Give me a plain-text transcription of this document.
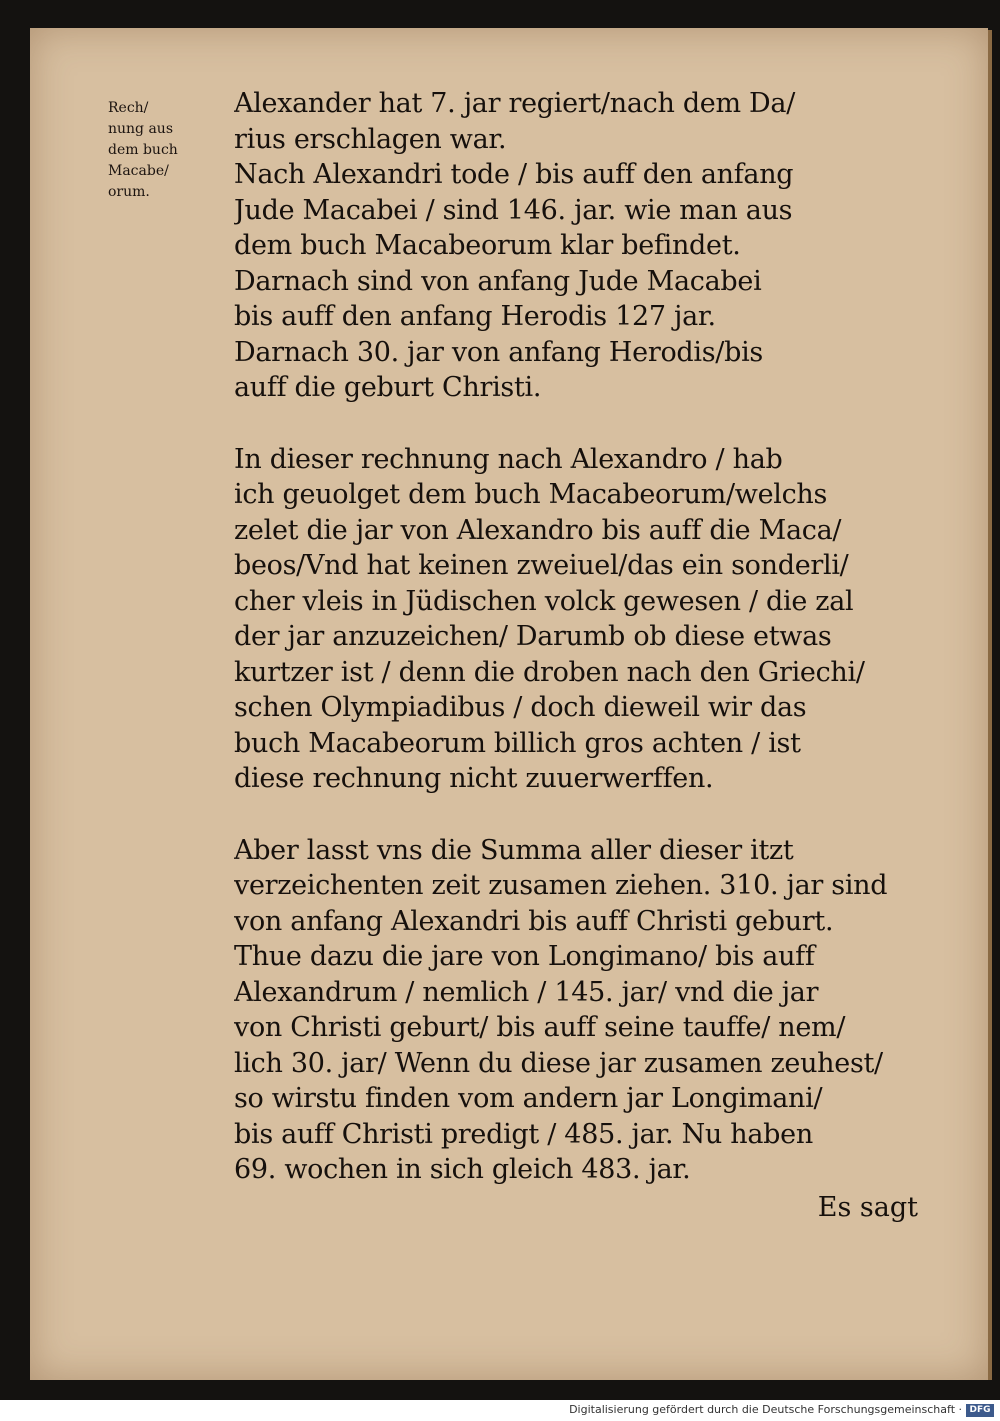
Rech/
nung aus
dem buch
Macabe/
orum.
Alexander hat 7. jar regiert/nach dem Da/
rius erschlagen war.
Nach Alexandri tode / bis auff den anfang
Jude Macabei / sind 146. jar. wie man aus
dem buch Macabeorum klar befindet.
Darnach sind von anfang Jude Macabei
bis auff den anfang Herodis 127 jar.
Darnach 30. jar von anfang Herodis/bis
auff die geburt Christi.
In dieser rechnung nach Alexandro / hab
ich geuolget dem buch Macabeorum/welchs
zelet die jar von Alexandro bis auff die Maca/
beos/Vnd hat keinen zweiuel/das ein sonderli/
cher vleis in Jüdischen volck gewesen / die zal
der jar anzuzeichen/ Darumb ob diese etwas
kurtzer ist / denn die droben nach den Griechi/
schen Olympiadibus / doch dieweil wir das
buch Macabeorum billich gros achten / ist
diese rechnung nicht zuuerwerffen.
Aber lasst vns die Summa aller dieser itzt
verzeichenten zeit zusamen ziehen. 310. jar sind
von anfang Alexandri bis auff Christi geburt.
Thue dazu die jare von Longimano/ bis auff
Alexandrum / nemlich / 145. jar/ vnd die jar
von Christi geburt/ bis auff seine tauffe/ nem/
lich 30. jar/ Wenn du diese jar zusamen zeuhest/
so wirstu finden vom andern jar Longimani/
bis auff Christi predigt / 485. jar. Nu haben
69. wochen in sich gleich 483. jar.
Es sagt
Digitalisierung gefördert durch die Deutsche Forschungsgemeinschaft · DFG
